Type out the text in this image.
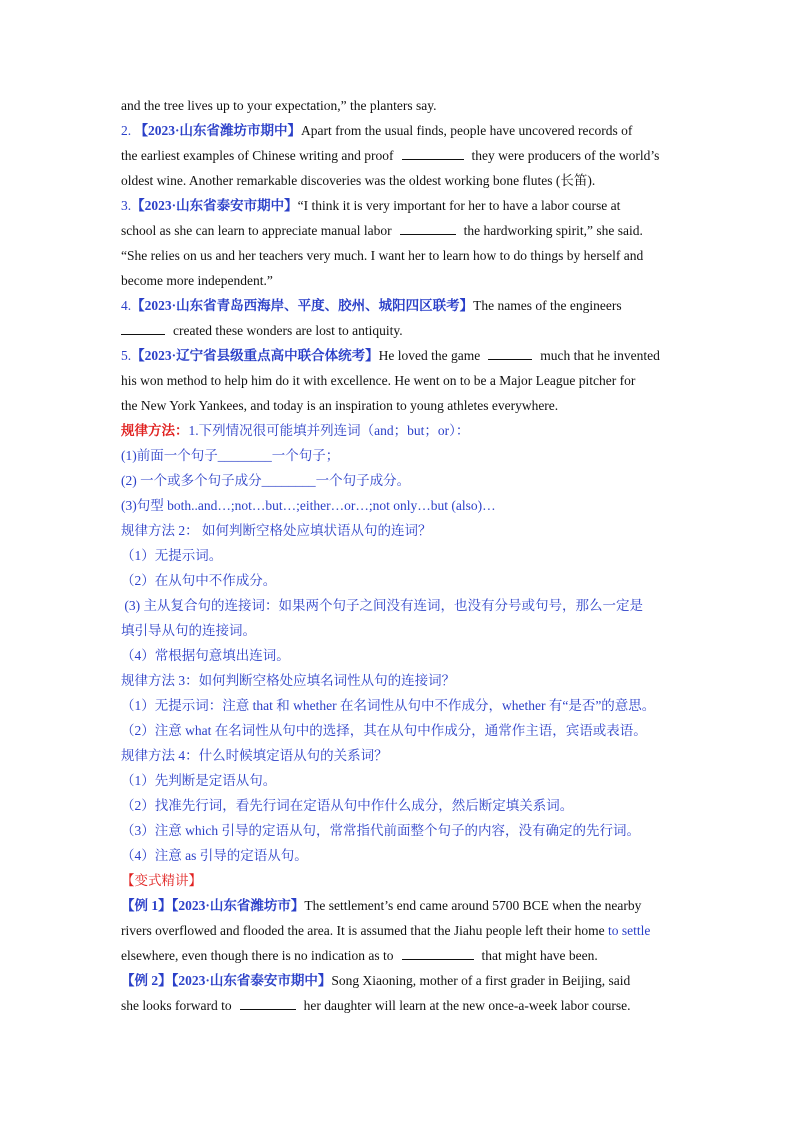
and the tree lives up to your expectation,” the planters say.
2. 【2023·山东省潍坊市期中】Apart from the usual finds, people have uncovered records of
the earliest examples of Chinese writing and proof	they were producers of the world’s
oldest wine. Another remarkable discoveries was the oldest working bone flutes (长笛).
3.【2023·山东省泰安市期中】“I think it is very important for her to have a labor course at
school as she can learn to appreciate manual labor	the hardworking spirit,” she said.
“She relies on us and her teachers very much. I want her to learn how to do things by herself and
become more independent.”
4.【2023·山东省青岛西海岸、平度、胶州、城阳四区联考】The names of the engineers
created these wonders are lost to antiquity.
5.【2023·辽宁省县级重点高中联合体统考】He loved the game	much that he invented
his won method to help him do it with excellence. He went on to be a Major League pitcher for
the New York Yankees, and today is an inspiration to young athletes everywhere.
规律方法：1.下列情况很可能填并列连词（and；but；or）：
(1)前面一个句子________一个句子；
(2) 一个或多个句子成分________一个句子成分。
(3)句型 both..and…;not…but…;either…or…;not only…but (also)…
规律方法 2： 如何判断空格处应填状语从句的连词？
（1）无提示词。
（2）在从句中不作成分。
(3) 主从复合句的连接词：如果两个句子之间没有连词，也没有分号或句号，那么一定是
填引导从句的连接词。
（4）常根据句意填出连词。
规律方法 3：如何判断空格处应填名词性从句的连接词？
（1）无提示词：注意 that 和 whether 在名词性从句中不作成分，whether 有“是否”的意思。
（2）注意 what 在名词性从句中的选择，其在从句中作成分，通常作主语，宾语或表语。
规律方法 4：什么时候填定语从句的关系词？
（1）先判断是定语从句。
（2）找准先行词，看先行词在定语从句中作什么成分，然后断定填关系词。
（3）注意 which 引导的定语从句，常常指代前面整个句子的内容，没有确定的先行词。
（4）注意 as 引导的定语从句。
【变式精讲】
【例 1】【2023·山东省潍坊市】The settlement’s end came around 5700 BCE when the nearby
rivers overflowed and flooded the area. It is assumed that the Jiahu people left their home to settle
elsewhere, even though there is no indication as to	that might have been.
【例 2】【2023·山东省泰安市期中】Song Xiaoning, mother of a first grader in Beijing, said
she looks forward to	her daughter will learn at the new once-a-week labor course.
